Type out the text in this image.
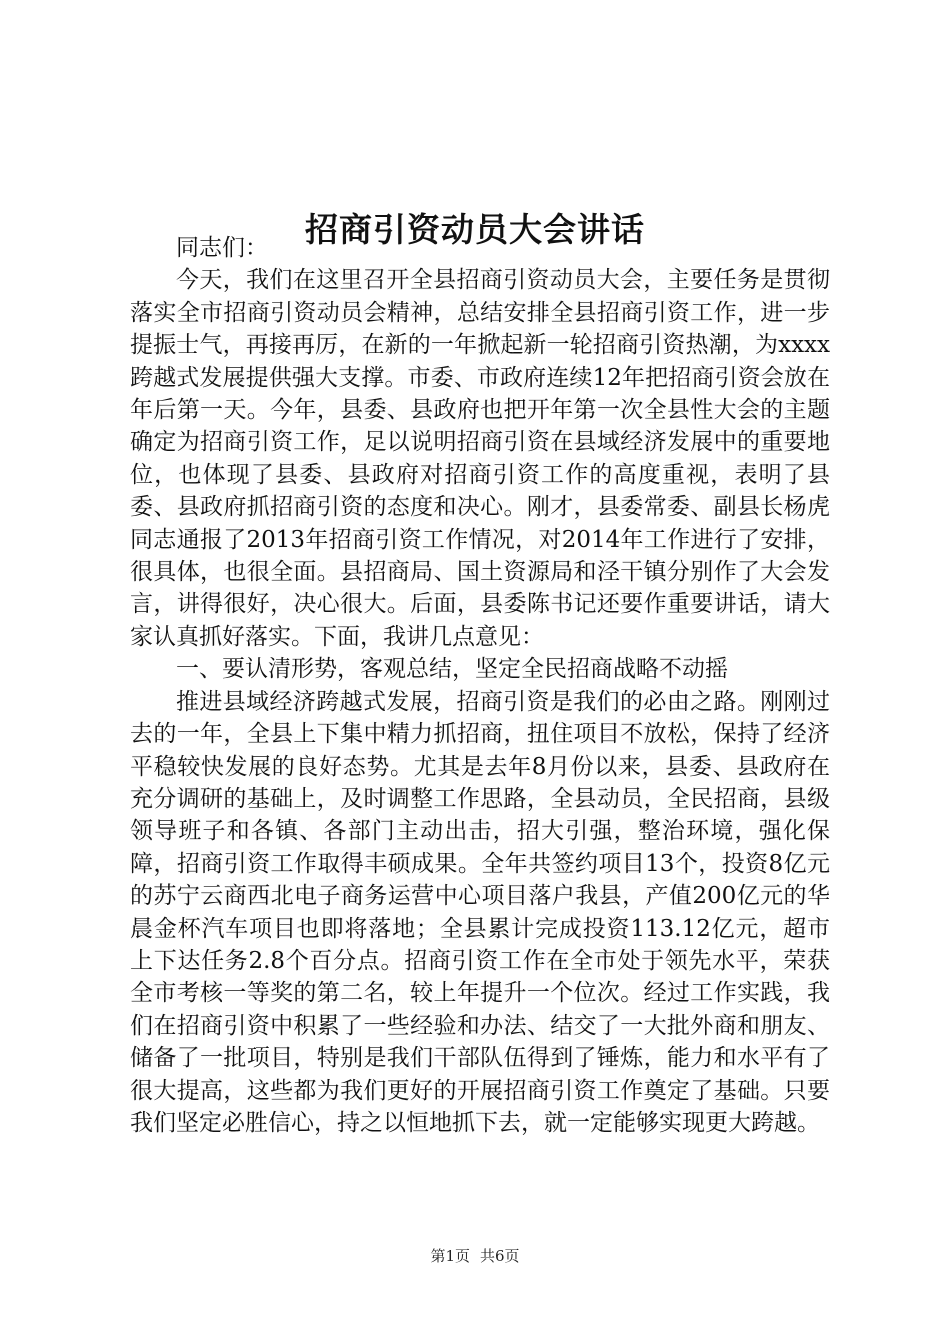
招商引资动员大会讲话

同志们：

今天，我们在这里召开全县招商引资动员大会，主要任务是贯彻落实全市招商引资动员会精神，总结安排全县招商引资工作，进一步提振士气，再接再厉，在新的一年掀起新一轮招商引资热潮，为xxxx跨越式发展提供强大支撑。市委、市政府连续12年把招商引资会放在年后第一天。今年，县委、县政府也把开年第一次全县性大会的主题确定为招商引资工作，足以说明招商引资在县域经济发展中的重要地位，也体现了县委、县政府对招商引资工作的高度重视，表明了县委、县政府抓招商引资的态度和决心。刚才，县委常委、副县长杨虎同志通报了2013年招商引资工作情况，对2014年工作进行了安排，很具体，也很全面。县招商局、国土资源局和泾干镇分别作了大会发言，讲得很好，决心很大。后面，县委陈书记还要作重要讲话，请大家认真抓好落实。下面，我讲几点意见：

一、要认清形势，客观总结，坚定全民招商战略不动摇

推进县域经济跨越式发展，招商引资是我们的必由之路。刚刚过去的一年，全县上下集中精力抓招商，扭住项目不放松，保持了经济平稳较快发展的良好态势。尤其是去年8月份以来，县委、县政府在充分调研的基础上，及时调整工作思路，全县动员，全民招商，县级领导班子和各镇、各部门主动出击，招大引强，整治环境，强化保障，招商引资工作取得丰硕成果。全年共签约项目13个，投资8亿元的苏宁云商西北电子商务运营中心项目落户我县，产值200亿元的华晨金杯汽车项目也即将落地；全县累计完成投资113.12亿元，超市上下达任务2.8个百分点。招商引资工作在全市处于领先水平，荣获全市考核一等奖的第二名，较上年提升一个位次。经过工作实践，我们在招商引资中积累了一些经验和办法、结交了一大批外商和朋友、储备了一批项目，特别是我们干部队伍得到了锤炼，能力和水平有了很大提高，这些都为我们更好的开展招商引资工作奠定了基础。只要我们坚定必胜信心，持之以恒地抓下去，就一定能够实现更大跨越。

第1页 共6页
